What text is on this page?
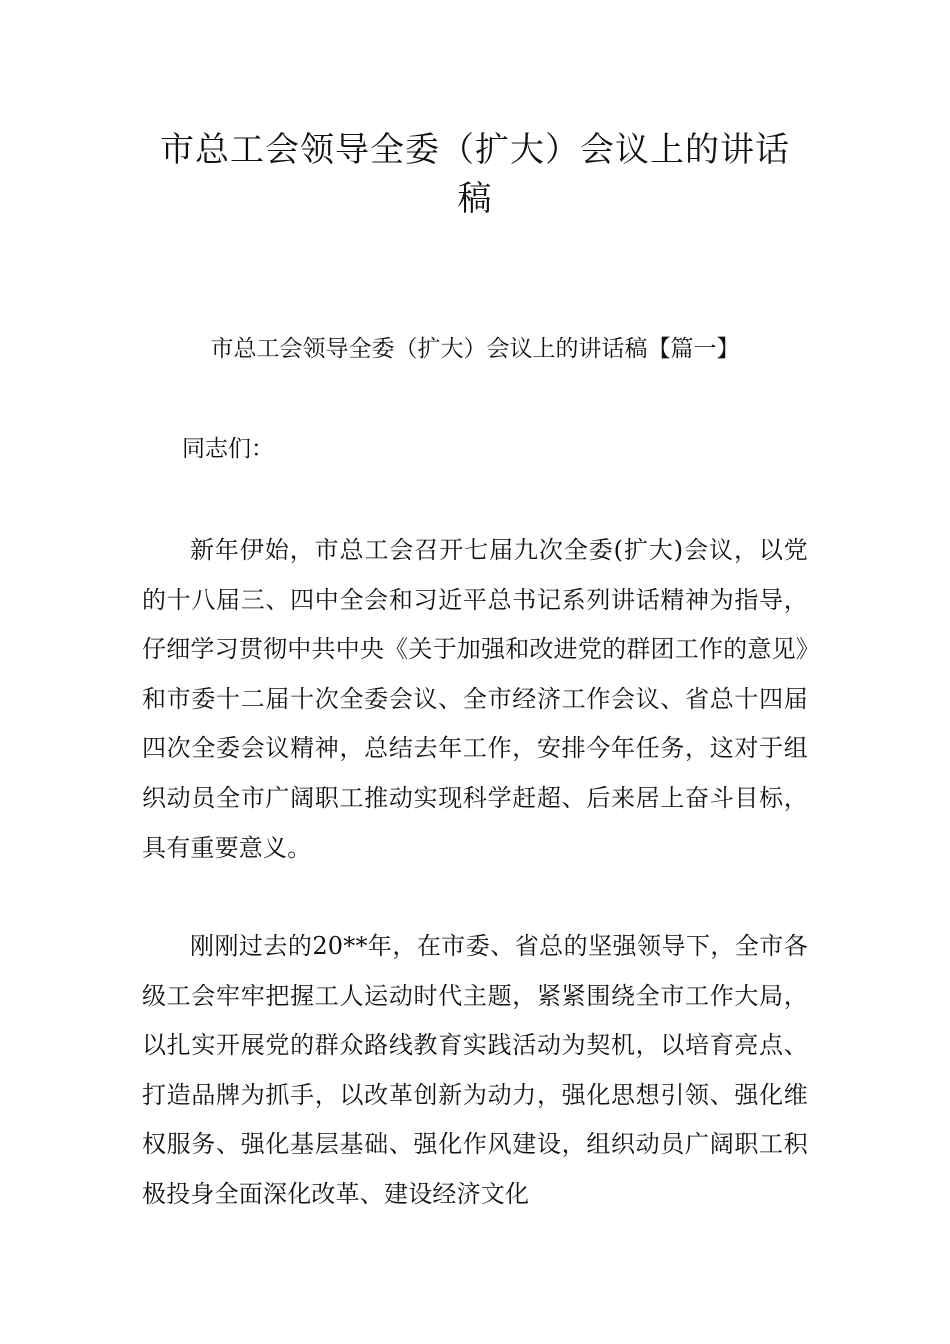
市总工会领导全委（扩大）会议上的讲话
稿

市总工会领导全委（扩大）会议上的讲话稿【篇一】

同志们：

新年伊始，市总工会召开七届九次全委(扩大)会议，以党的十八届三、四中全会和习近平总书记系列讲话精神为指导，仔细学习贯彻中共中央《关于加强和改进党的群团工作的意见》和市委十二届十次全委会议、全市经济工作会议、省总十四届四次全委会议精神，总结去年工作，安排今年任务，这对于组织动员全市广阔职工推动实现科学赶超、后来居上奋斗目标，具有重要意义。

刚刚过去的20**年，在市委、省总的坚强领导下，全市各级工会牢牢把握工人运动时代主题，紧紧围绕全市工作大局，以扎实开展党的群众路线教育实践活动为契机，以培育亮点、打造品牌为抓手，以改革创新为动力，强化思想引领、强化维权服务、强化基层基础、强化作风建设，组织动员广阔职工积极投身全面深化改革、建设经济文化
